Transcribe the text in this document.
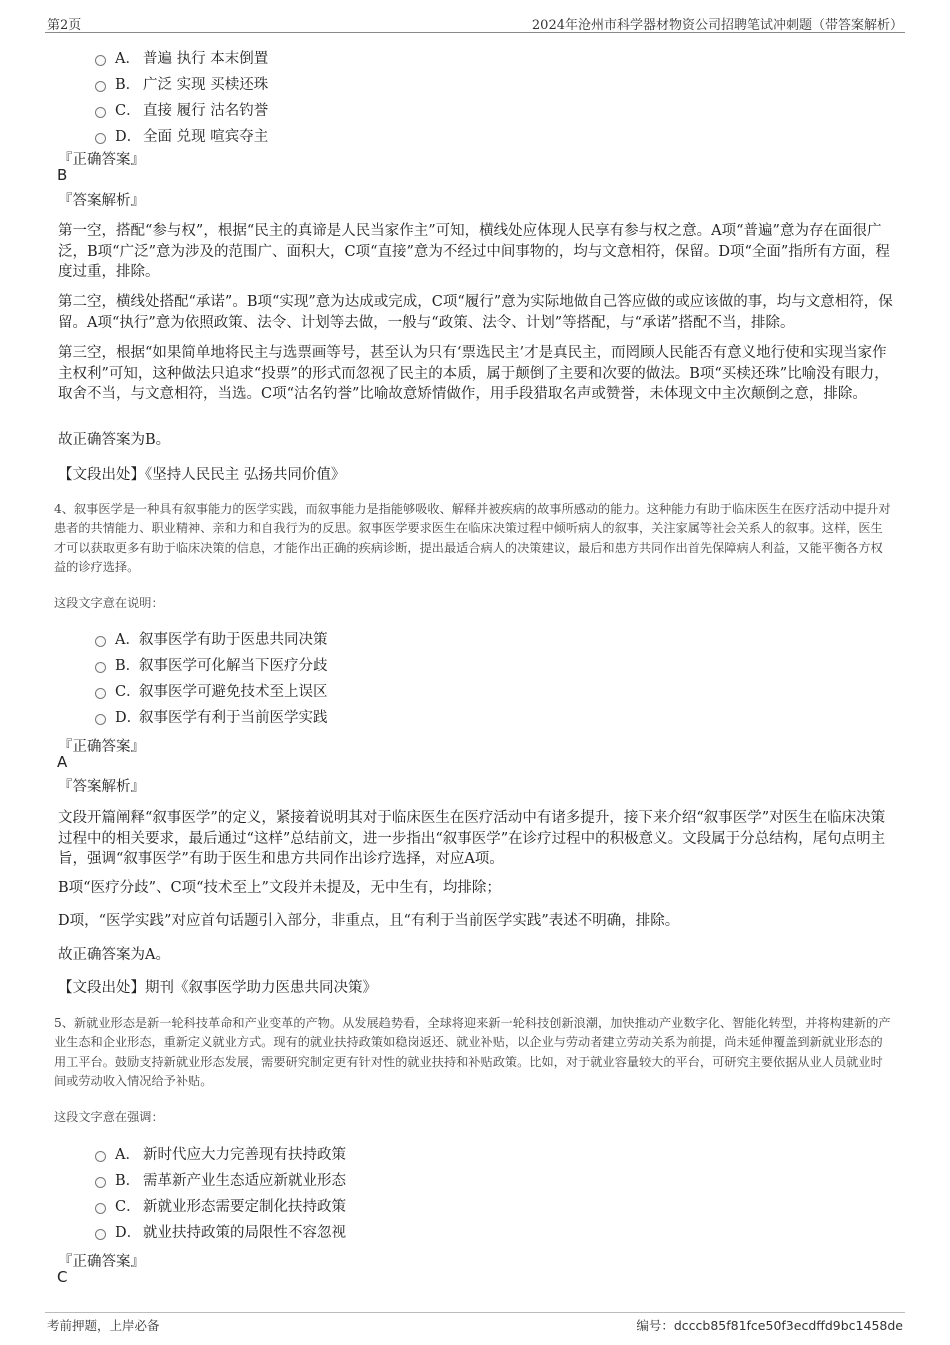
第2页	2024年沧州市科学器材物资公司招聘笔试冲刺题（带答案解析）
A． 普遍 执行 本末倒置
B． 广泛 实现 买椟还珠
C． 直接 履行 沽名钓誉
D． 全面 兑现 喧宾夺主
『正确答案』
B
『答案解析』
第一空，搭配“参与权”，根据“民主的真谛是人民当家作主”可知，横线处应体现人民享有参与权之意。A项“普遍”意为存在面很广泛，B项“广泛”意为涉及的范围广、面积大，C项“直接”意为不经过中间事物的，均与文意相符，保留。D项“全面”指所有方面，程度过重，排除。
第二空，横线处搭配“承诺”。B项“实现”意为达成或完成，C项“履行”意为实际地做自己答应做的或应该做的事，均与文意相符，保留。A项“执行”意为依照政策、法令、计划等去做，一般与“政策、法令、计划”等搭配，与“承诺”搭配不当，排除。
第三空，根据“如果简单地将民主与选票画等号，甚至认为只有‘票选民主’才是真民主，而罔顾人民能否有意义地行使和实现当家作主权利”可知，这种做法只追求“投票”的形式而忽视了民主的本质，属于颠倒了主要和次要的做法。B项“买椟还珠”比喻没有眼力，取舍不当，与文意相符，当选。C项“沽名钓誉”比喻故意矫情做作，用手段猎取名声或赞誉，未体现文中主次颠倒之意，排除。
故正确答案为B。
【文段出处】《坚持人民民主 弘扬共同价值》
4、叙事医学是一种具有叙事能力的医学实践，而叙事能力是指能够吸收、解释并被疾病的故事所感动的能力。这种能力有助于临床医生在医疗活动中提升对患者的共情能力、职业精神、亲和力和自我行为的反思。叙事医学要求医生在临床决策过程中倾听病人的叙事，关注家属等社会关系人的叙事。这样，医生才可以获取更多有助于临床决策的信息，才能作出正确的疾病诊断，提出最适合病人的决策建议，最后和患方共同作出首先保障病人利益，又能平衡各方权益的诊疗选择。
这段文字意在说明：
A． 叙事医学有助于医患共同决策
B．
叙事医学可化解当下医疗分歧
C．
叙事医学可避免技术至上误区
D．
叙事医学有利于当前医学实践
『正确答案』
A
『答案解析』
文段开篇阐释“叙事医学”的定义，紧接着说明其对于临床医生在医疗活动中有诸多提升，接下来介绍“叙事医学”对医生在临床决策过程中的相关要求，最后通过“这样”总结前文，进一步指出“叙事医学”在诊疗过程中的积极意义。文段属于分总结构，尾句点明主旨，强调“叙事医学”有助于医生和患方共同作出诊疗选择，对应A项。
B项“医疗分歧”、C项“技术至上”文段并未提及，无中生有，均排除；
D项，“医学实践”对应首句话题引入部分，非重点，且“有利于当前医学实践”表述不明确，排除。
故正确答案为A。
【文段出处】期刊《叙事医学助力医患共同决策》
5、新就业形态是新一轮科技革命和产业变革的产物。从发展趋势看，全球将迎来新一轮科技创新浪潮，加快推动产业数字化、智能化转型，并将构建新的产业生态和企业形态，重新定义就业方式。现有的就业扶持政策如稳岗返还、就业补贴，以企业与劳动者建立劳动关系为前提，尚未延伸覆盖到新就业形态的用工平台。鼓励支持新就业形态发展，需要研究制定更有针对性的就业扶持和补贴政策。比如，对于就业容量较大的平台，可研究主要依据从业人员就业时间或劳动收入情况给予补贴。
这段文字意在强调：
A． 新时代应大力完善现有扶持政策
B． 需革新产业生态适应新就业形态
C． 新就业形态需要定制化扶持政策
D． 就业扶持政策的局限性不容忽视
『正确答案』
C
考前押题，上岸必备	编号：dcccb85f81fce50f3ecdffd9bc1458de
